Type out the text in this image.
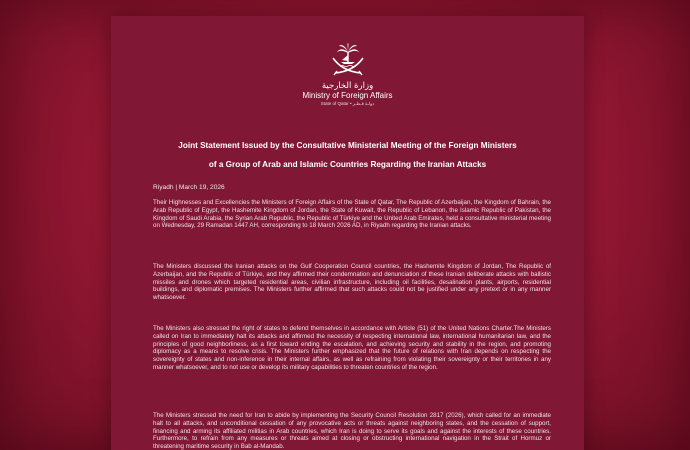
وزارة الخارجية
Ministry of Foreign Affairs
State of Qatar • دولـة قـطـر
Joint Statement Issued by the Consultative Ministerial Meeting of the Foreign Ministers
of a Group of Arab and Islamic Countries Regarding the Iranian Attacks
Riyadh | March 19, 2026
Their Highnesses and Excellencies the Ministers of Foreign Affairs of the State of Qatar, The Republic of Azerbaijan, the Kingdom of Bahrain, the Arab Republic of Egypt, the Hashemite Kingdom of Jordan, the State of Kuwait, the Republic of Lebanon, the Islamic Republic of Pakistan, the Kingdom of Saudi Arabia, the Syrian Arab Republic, the Republic of Türkiye and the United Arab Emirates, held a consultative ministerial meeting on Wednesday, 29 Ramadan 1447 AH, corresponding to 18 March 2026 AD, in Riyadh regarding the Iranian attacks.
The Ministers discussed the Iranian attacks on the Gulf Cooperation Council countries, the Hashemite Kingdom of Jordan, The Republic of Azerbaijan, and the Republic of Türkiye, and they affirmed their condemnation and denunciation of these Iranian deliberate attacks with ballistic missiles and drones which targeted residential areas, civilian infrastructure, including oil facilities, desalination plants, airports, residential buildings, and diplomatic premises. The Ministers further affirmed that such attacks could not be justified under any pretext or in any manner whatsoever.
The Ministers also stressed the right of states to defend themselves in accordance with Article (51) of the United Nations Charter.The Ministers called on Iran to immediately halt its attacks and affirmed the necessity of respecting international law, international humanitarian law, and the principles of good neighborliness, as a first toward ending the escalation, and achieving security and stability in the region, and promoting diplomacy as a means to resolve crisis. The Ministers further emphasized that the future of relations with Iran depends on respecting the sovereignty of states and non-inference in their internal affairs, as well as refraining from violating their sovereignty or their territories in any manner whatsoever, and to not use or develop its military capabilities to threaten countries of the region.
The Ministers stressed the need for Iran to abide by implementing the Security Council Resolution 2817 (2026), which called for an immediate halt to all attacks, and unconditional cessation of any provocative acts or threats against neighboring states, and the cessation of support, financing and arming its affiliated militias in Arab countries, which Iran is doing to serve its goals and against the interests of these countries. Furthermore, to refrain from any measures or threats aimed at closing or obstructing international navigation in the Strait of Hormuz or threatening maritime security in Bab al-Mandab.
